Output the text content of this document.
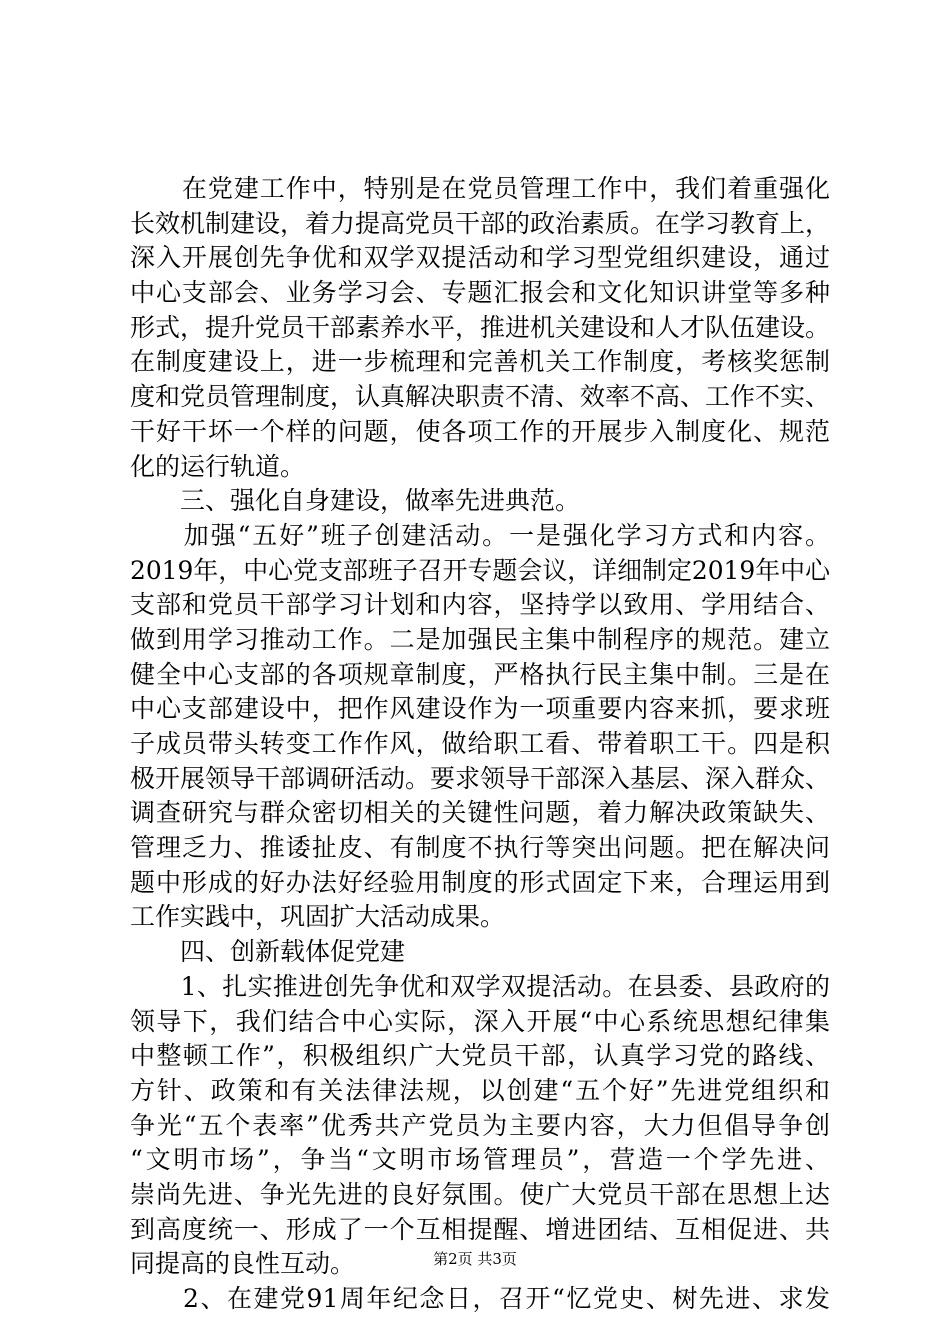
　　在党建工作中，特别是在党员管理工作中，我们着重强化
长效机制建设，着力提高党员干部的政治素质。在学习教育上，
深入开展创先争优和双学双提活动和学习型党组织建设，通过
中心支部会、业务学习会、专题汇报会和文化知识讲堂等多种
形式，提升党员干部素养水平，推进机关建设和人才队伍建设。
在制度建设上，进一步梳理和完善机关工作制度，考核奖惩制
度和党员管理制度，认真解决职责不清、效率不高、工作不实、
干好干坏一个样的问题，使各项工作的开展步入制度化、规范
化的运行轨道。
　　三、强化自身建设，做率先进典范。
　　加强“五好”班子创建活动。一是强化学习方式和内容。
2019年，中心党支部班子召开专题会议，详细制定2019年中心
支部和党员干部学习计划和内容，坚持学以致用、学用结合、
做到用学习推动工作。二是加强民主集中制程序的规范。建立
健全中心支部的各项规章制度，严格执行民主集中制。三是在
中心支部建设中，把作风建设作为一项重要内容来抓，要求班
子成员带头转变工作作风，做给职工看、带着职工干。四是积
极开展领导干部调研活动。要求领导干部深入基层、深入群众、
调查研究与群众密切相关的关键性问题，着力解决政策缺失、
管理乏力、推诿扯皮、有制度不执行等突出问题。把在解决问
题中形成的好办法好经验用制度的形式固定下来，合理运用到
工作实践中，巩固扩大活动成果。
　　四、创新载体促党建
　　1、扎实推进创先争优和双学双提活动。在县委、县政府的
领导下，我们结合中心实际，深入开展“中心系统思想纪律集
中整顿工作”，积极组织广大党员干部，认真学习党的路线、
方针、政策和有关法律法规，以创建“五个好”先进党组织和
争光“五个表率”优秀共产党员为主要内容，大力但倡导争创
“文明市场”，争当“文明市场管理员”，营造一个学先进、
崇尚先进、争光先进的良好氛围。使广大党员干部在思想上达
到高度统一、形成了一个互相提醒、增进团结、互相促进、共
同提高的良性互动。
　　2、在建党91周年纪念日，召开“忆党史、树先进、求发
第2页 共3页
